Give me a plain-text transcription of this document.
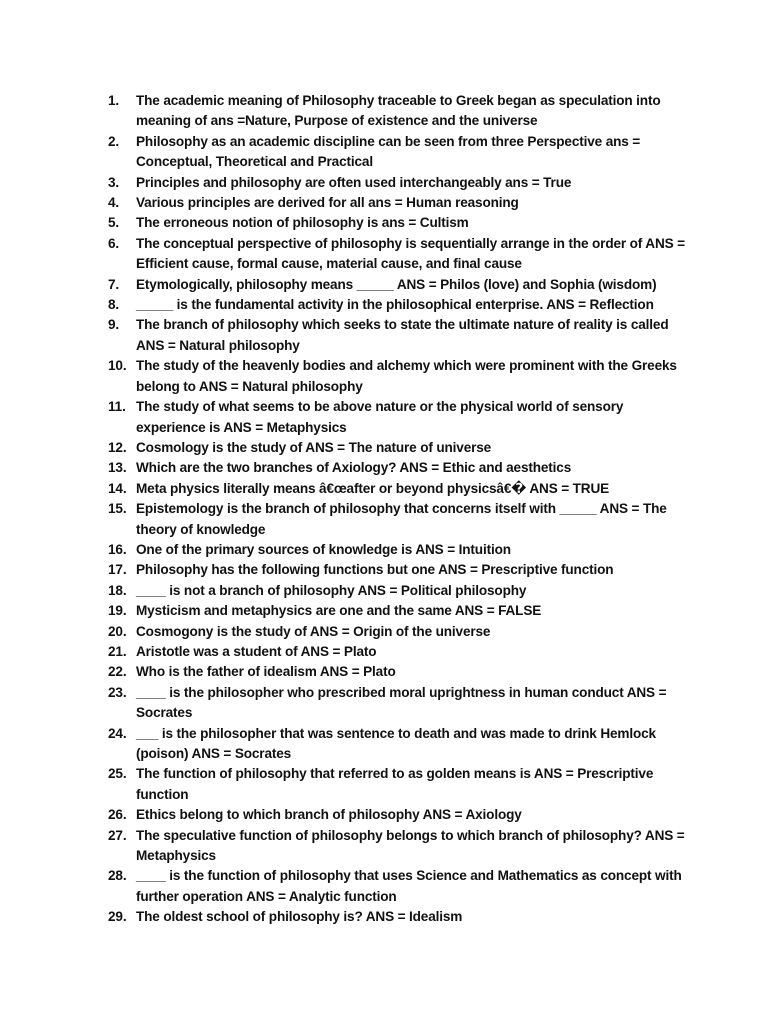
1.	The academic meaning of Philosophy traceable to Greek began as speculation into meaning of ans =Nature, Purpose of existence and the universe
2.	Philosophy as an academic discipline can be seen from three Perspective ans = Conceptual, Theoretical and Practical
3.	Principles and philosophy are often used interchangeably ans = True
4.	Various principles are derived for all ans = Human reasoning
5.	The erroneous notion of philosophy is ans = Cultism
6.	The conceptual perspective of philosophy is sequentially arrange in the order of ANS = Efficient cause, formal cause, material cause, and final cause
7.	Etymologically, philosophy means _____ ANS = Philos (love) and Sophia (wisdom)
8.	_____ is the fundamental activity in the philosophical enterprise. ANS = Reflection
9.	The branch of philosophy which seeks to state the ultimate nature of reality is called ANS = Natural philosophy
10. The study of the heavenly bodies and alchemy which were prominent with the Greeks belong to ANS = Natural philosophy
11. The study of what seems to be above nature or the physical world of sensory experience is ANS = Metaphysics
12. Cosmology is the study of ANS = The nature of universe
13. Which are the two branches of Axiology? ANS = Ethic and aesthetics
14. Meta physics literally means â€œafter or beyond physicsâ€� ANS = TRUE
15. Epistemology is the branch of philosophy that concerns itself with _____ ANS = The theory of knowledge
16. One of the primary sources of knowledge is ANS = Intuition
17. Philosophy has the following functions but one ANS = Prescriptive function
18. ____ is not a branch of philosophy ANS = Political philosophy
19. Mysticism and metaphysics are one and the same ANS = FALSE
20. Cosmogony is the study of ANS = Origin of the universe
21. Aristotle was a student of ANS = Plato
22. Who is the father of idealism ANS = Plato
23. ____ is the philosopher who prescribed moral uprightness in human conduct ANS = Socrates
24. ___ is the philosopher that was sentence to death and was made to drink Hemlock (poison) ANS = Socrates
25. The function of philosophy that referred to as golden means is ANS = Prescriptive function
26. Ethics belong to which branch of philosophy ANS = Axiology
27. The speculative function of philosophy belongs to which branch of philosophy? ANS = Metaphysics
28. ____ is the function of philosophy that uses Science and Mathematics as concept with further operation ANS = Analytic function
29. The oldest school of philosophy is? ANS = Idealism
